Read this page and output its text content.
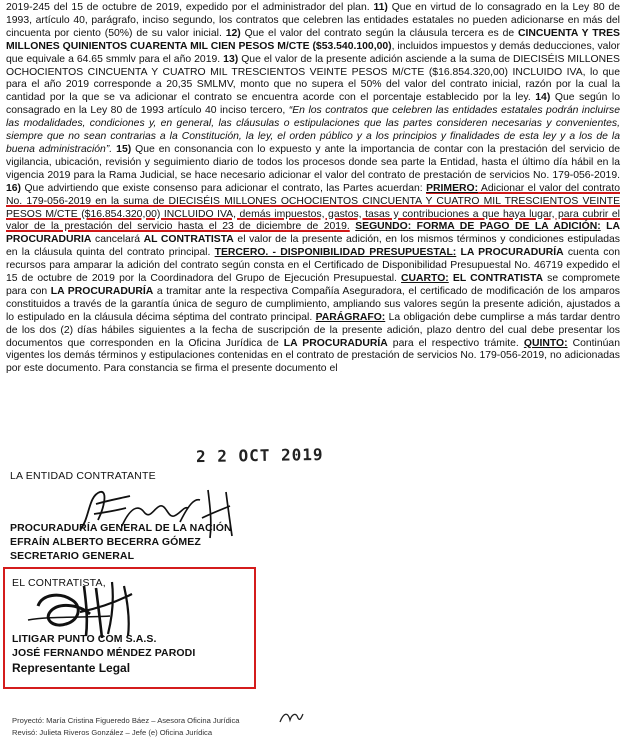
2019-245 del 15 de octubre de 2019, expedido por el administrador del plan. 11) Que en virtud de lo consagrado en la Ley 80 de 1993, artículo 40, parágrafo, inciso segundo, los contratos que celebren las entidades estatales no pueden adicionarse en más del cincuenta por ciento (50%) de su valor inicial. 12) Que el valor del contrato según la cláusula tercera es de CINCUENTA Y TRES MILLONES QUINIENTOS CUARENTA MIL CIEN PESOS M/CTE ($53.540.100,00), incluidos impuestos y demás deducciones, valor que equivale a 64.65 smmlv para el año 2019. 13) Que el valor de la presente adición asciende a la suma de DIECISÉIS MILLONES OCHOCIENTOS CINCUENTA Y CUATRO MIL TRESCIENTOS VEINTE PESOS M/CTE ($16.854.320,00) INCLUIDO IVA, lo que para el año 2019 corresponde a 20,35 SMLMV, monto que no supera el 50% del valor del contrato inicial, razón por la cual la cantidad por la que se va adicionar el contrato se encuentra acorde con el porcentaje establecido por la ley. 14) Que según lo consagrado en la Ley 80 de 1993 artículo 40 inciso tercero, “En los contratos que celebren las entidades estatales podrán incluirse las modalidades, condiciones y, en general, las cláusulas o estipulaciones que las partes consideren necesarias y convenientes, siempre que no sean contrarias a la Constitución, la ley, el orden público y a los principios y finalidades de esta ley y a los de la buena administración”. 15) Que en consonancia con lo expuesto y ante la importancia de contar con la prestación del servicio de vigilancia, ubicación, revisión y seguimiento diario de todos los procesos donde sea parte la Entidad, hasta el último día hábil en la vigencia 2019 para la Rama Judicial, se hace necesario adicionar el valor del contrato de prestación de servicios No. 179-056-2019. 16) Que advirtiendo que existe consenso para adicionar el contrato, las Partes acuerdan: PRIMERO: Adicionar el valor del contrato No. 179-056-2019 en la suma de DIECISÉIS MILLONES OCHOCIENTOS CINCUENTA Y CUATRO MIL TRESCIENTOS VEINTE PESOS M/CTE ($16.854.320,00) INCLUIDO IVA, demás impuestos, gastos, tasas y contribuciones a que haya lugar, para cubrir el valor de la prestación del servicio hasta el 23 de diciembre de 2019. SEGUNDO: FORMA DE PAGO DE LA ADICIÓN: LA PROCURADURIA cancelará AL CONTRATISTA el valor de la presente adición, en los mismos términos y condiciones estipuladas en la cláusula quinta del contrato principal. TERCERO. - DISPONIBILIDAD PRESUPUESTAL: LA PROCURADURÍA cuenta con recursos para amparar la adición del contrato según consta en el Certificado de Disponibilidad Presupuestal No. 46719 expedido el 15 de octubre de 2019 por la Coordinadora del Grupo de Ejecución Presupuestal. CUARTO: EL CONTRATISTA se compromete para con LA PROCURADURÍA a tramitar ante la respectiva Compañía Aseguradora, el certificado de modificación de los amparos constituidos a través de la garantía única de seguro de cumplimiento, ampliando sus valores según la presente adición, ajustados a lo estipulado en la cláusula décima séptima del contrato principal. PARÁGRAFO: La obligación debe cumplirse a más tardar dentro de los dos (2) días hábiles siguientes a la fecha de suscripción de la presente adición, plazo dentro del cual debe presentar los documentos que corresponden en la Oficina Jurídica de LA PROCURADURÍA para el respectivo trámite. QUINTO: Continúan vigentes los demás términos y estipulaciones contenidas en el contrato de prestación de servicios No. 179-056-2019, no adicionadas por este documento. Para constancia se firma el presente documento el

2 2 OCT 2019
LA ENTIDAD CONTRATANTE
PROCURADURÍA GENERAL DE LA NACIÓN
EFRAÍN ALBERTO BECERRA GÓMEZ
SECRETARIO GENERAL
EL CONTRATISTA,
LITIGAR PUNTO COM S.A.S.
JOSÉ FERNANDO MÉNDEZ PARODI
Representante Legal
Proyectó: María Cristina Figueredo Báez – Asesora Oficina Jurídica
Revisó: Julieta Riveros González – Jefe (e) Oficina Jurídica
